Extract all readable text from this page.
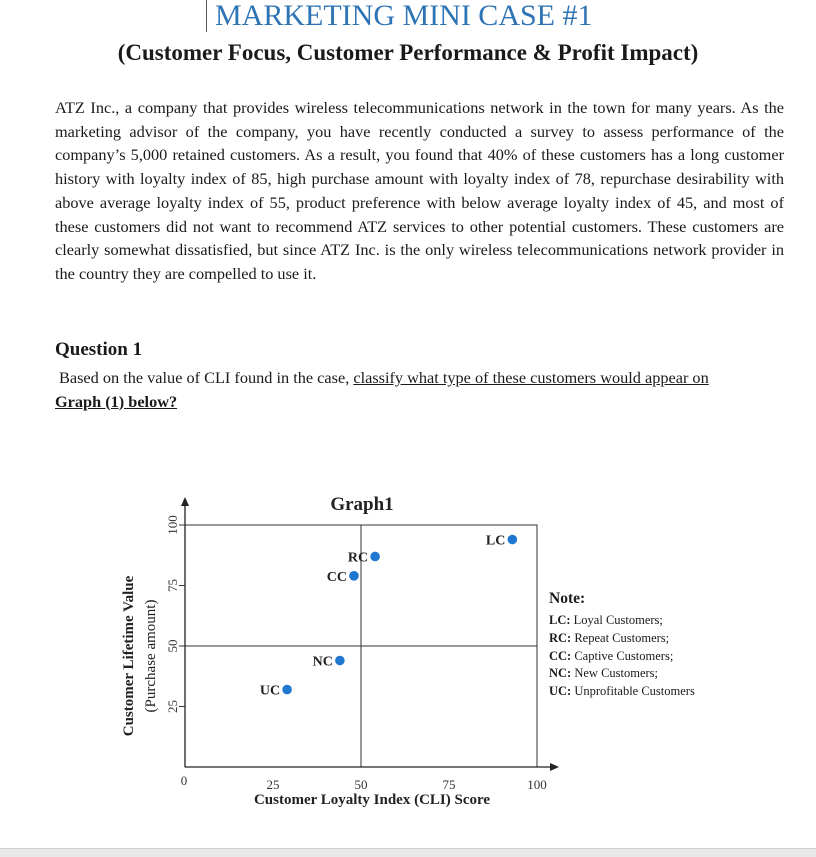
MARKETING MINI CASE #1
(Customer Focus, Customer Performance & Profit Impact)
ATZ Inc., a company that provides wireless telecommunications network in the town for many years. As the marketing advisor of the company, you have recently conducted a survey to assess performance of the company’s 5,000 retained customers. As a result, you found that 40% of these customers has a long customer history with loyalty index of 85, high purchase amount with loyalty index of 78, repurchase desirability with above average loyalty index of 55, product preference with below average loyalty index of 45, and most of these customers did not want to recommend ATZ services to other potential customers. These customers are clearly somewhat dissatisfied, but since ATZ Inc. is the only wireless telecommunications network provider in the country they are compelled to use it.
Question 1
Based on the value of CLI found in the case, classify what type of these customers would appear on
Graph (1) below?
Graph1
25
50
75
100
0	25	50	75	100
Customer Loyalty Index (CLI) Score
Customer Lifetime Value (Purchase amount)
LC
RC
CC
NC
UC
Note:
LC: Loyal Customers;
RC: Repeat Customers;
CC: Captive Customers;
NC: New Customers;
UC: Unprofitable Customers
